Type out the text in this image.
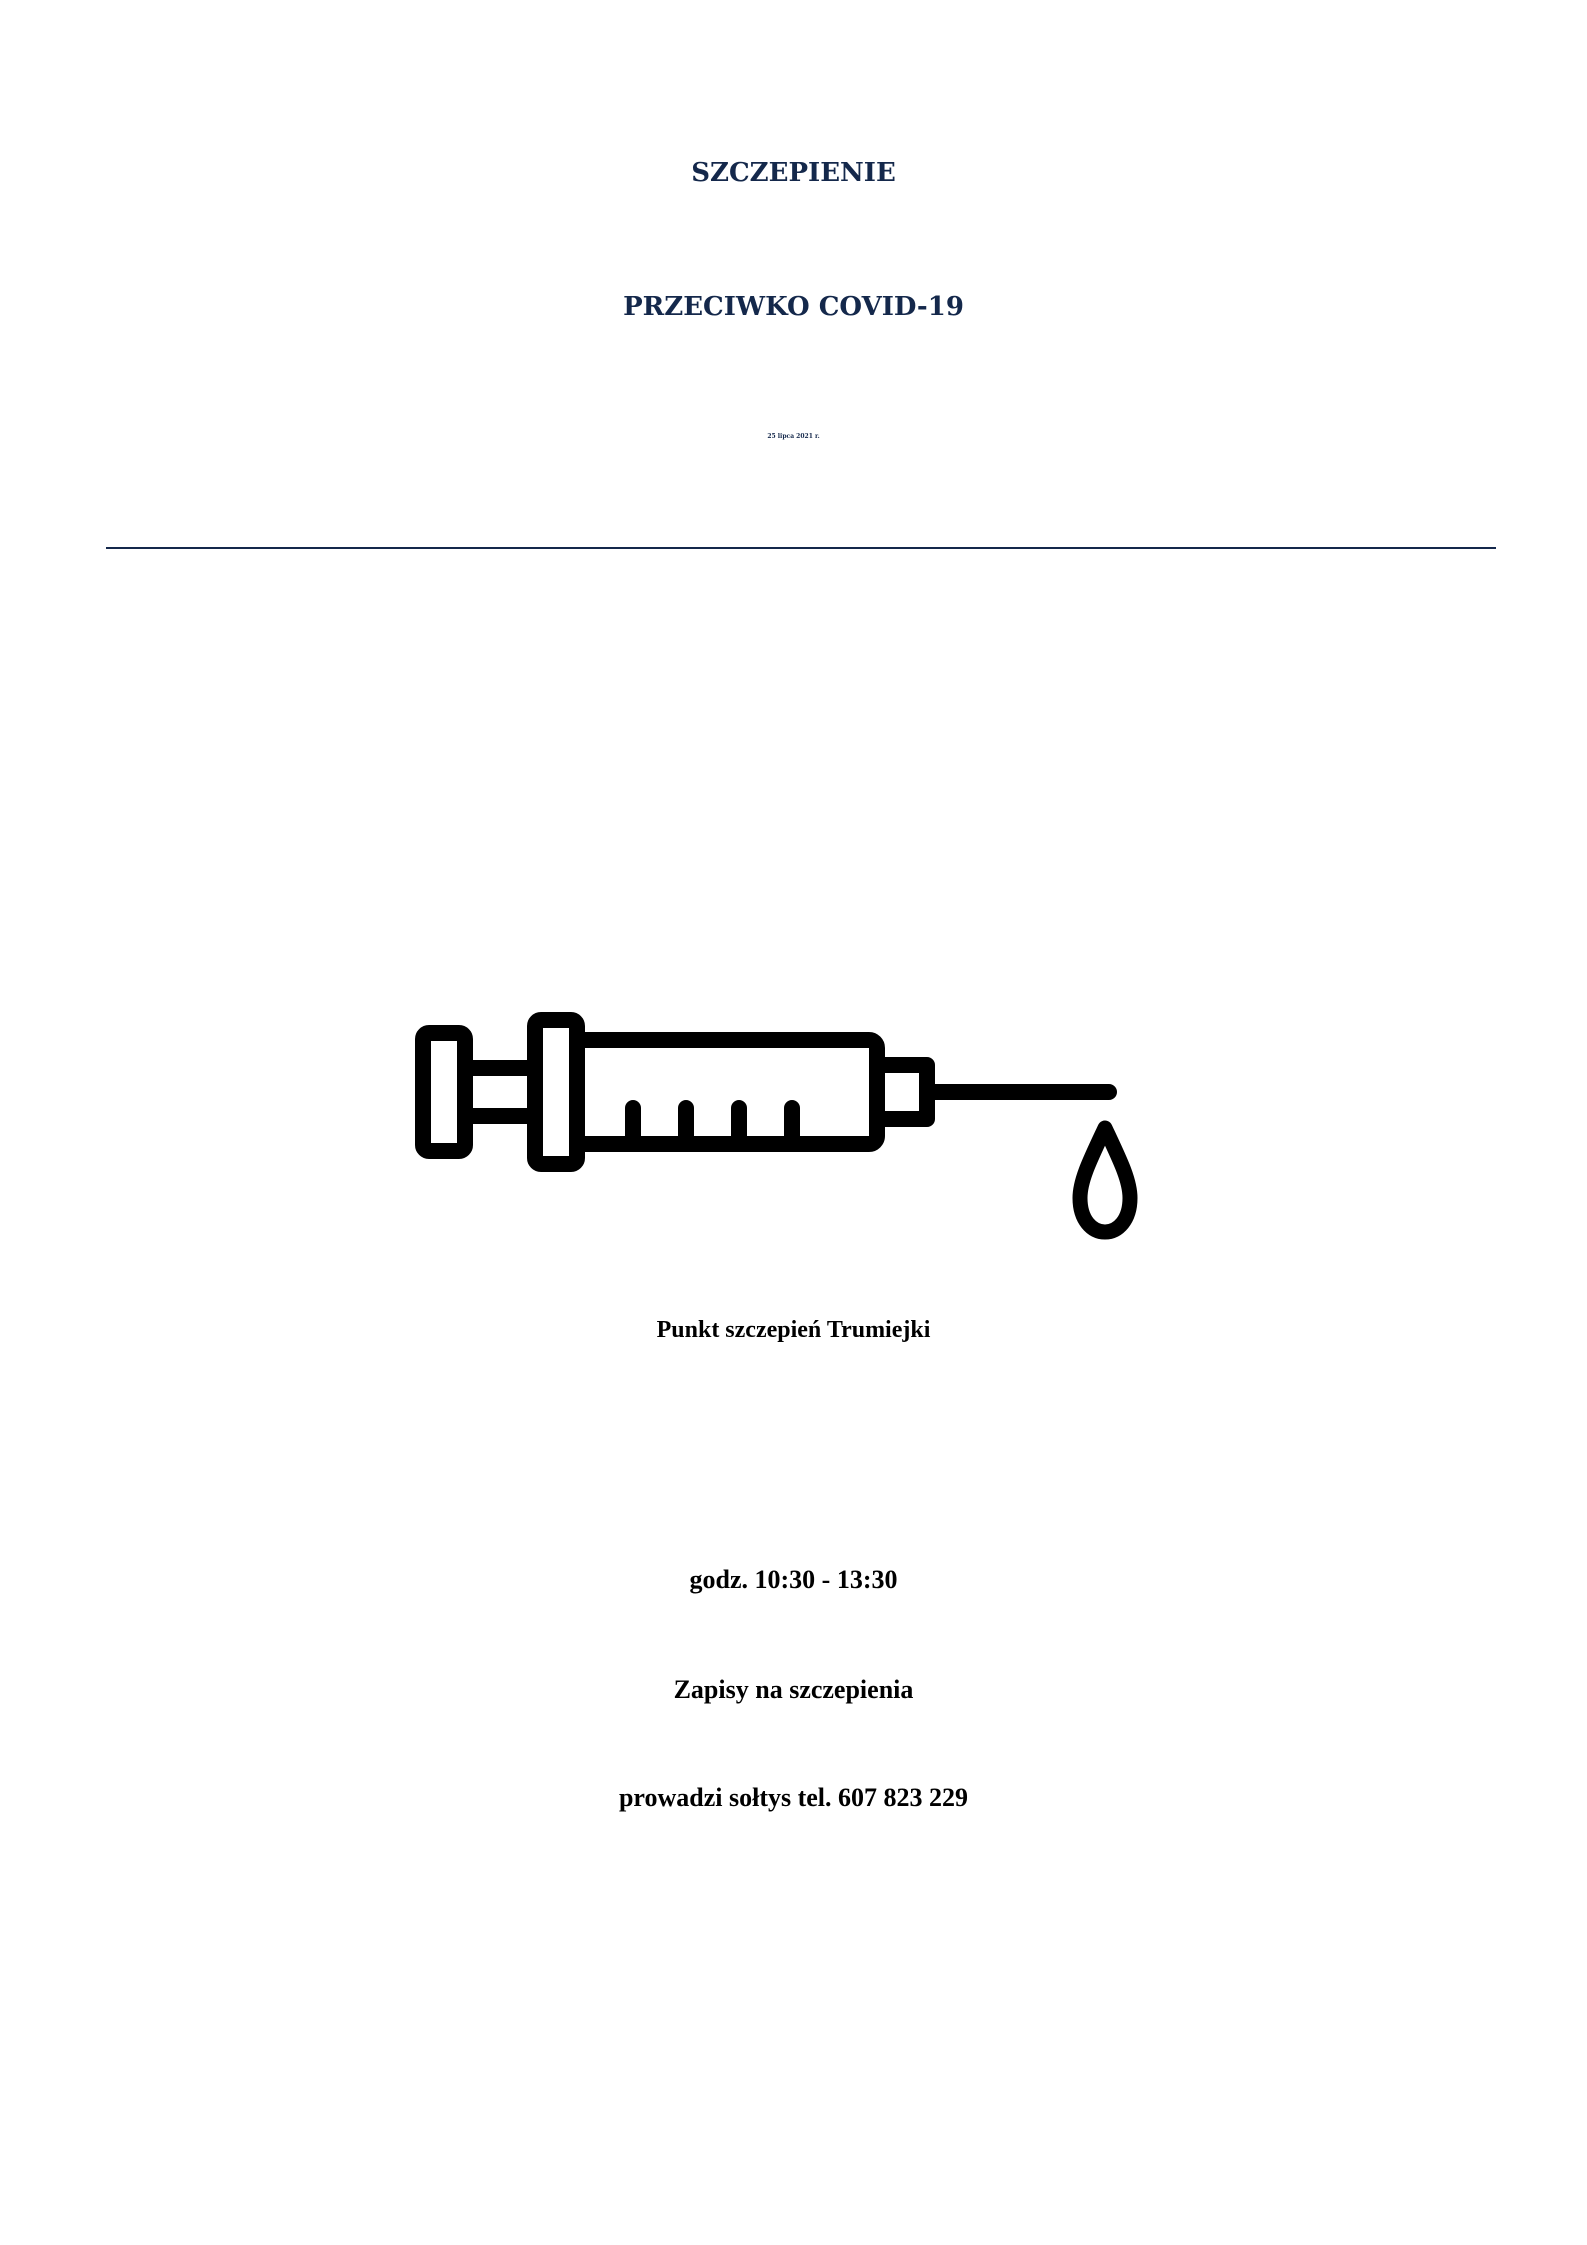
SZCZEPIENIE
PRZECIWKO COVID-19
25 lipca 2021 r.
Punkt szczepień Trumiejki
godz. 10:30 - 13:30
Zapisy na szczepienia
prowadzi sołtys tel. 607 823 229
